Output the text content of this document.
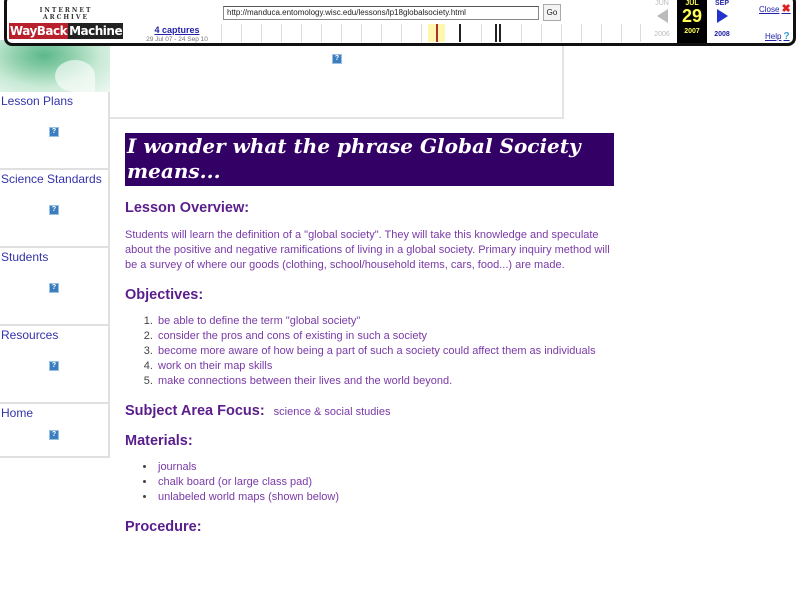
INTERNET ARCHIVE
WayBack Machine	4 captures
29 Jul 07 - 24 Sep 10
http://manduca.entomology.wisc.edu/lessons/lp18globalsociety.html	Go
JUN
2006
JUL
29
2007
SEP
2008
Close ✖
Help ?
?
Lesson Plans
?
Science Standards
?
Students
?
Resources
?
Home
?
I wonder what the phrase Global Society means...
Lesson Overview:

Students will learn the definition of a "global society". They will take this knowledge and speculate about the positive and negative ramifications of living in a global society. Primary inquiry method will be a survey of where our goods (clothing, school/household items, cars, food...) are made.

Objectives:
1. be able to define the term "global society"
2. consider the pros and cons of existing in such a society
3. become more aware of how being a part of such a society could affect them as individuals
4. work on their map skills
5. make connections between their lives and the world beyond.
Subject Area Focus: science & social studies
Materials:
• journals
• chalk board (or large class pad)
• unlabeled world maps (shown below)
Procedure:
